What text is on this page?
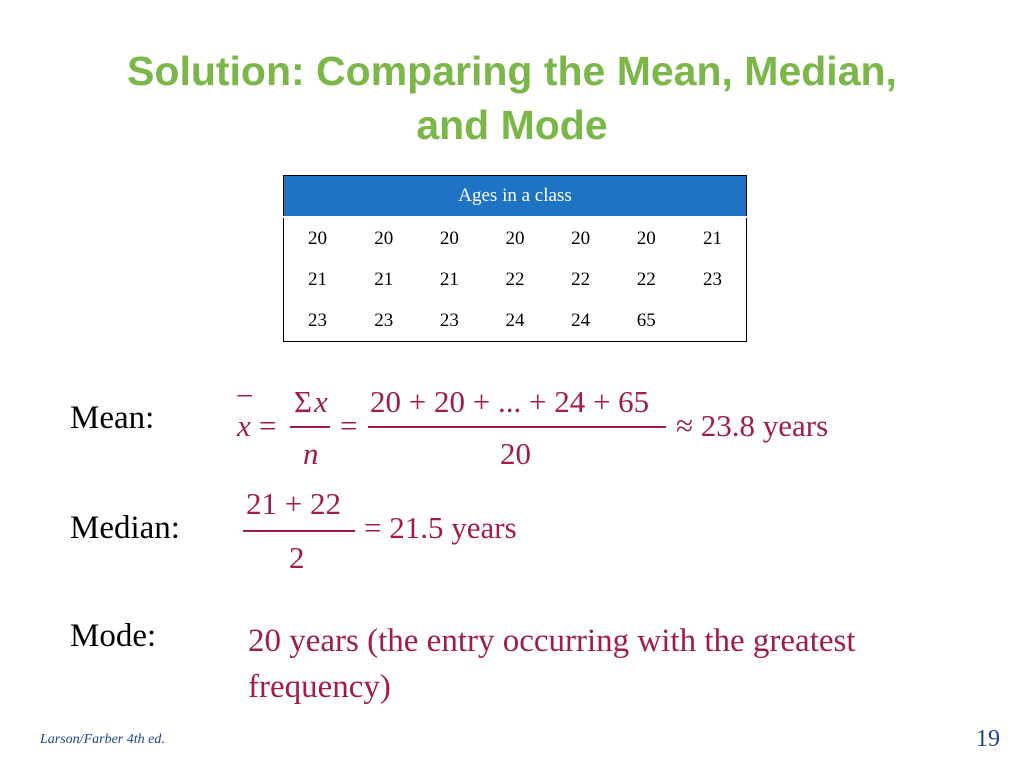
Solution: Comparing the Mean, Median,
and Mode
Ages in a class						
20	20	20	20	20	20	21
21	21	21	22	22	22	23
23	23	23	24	24	65	
Mean:
−
x =
Σ x
n
=
20 + 20 + ... + 24 + 65
20
≈ 23.8 years
Median:
21 + 22
2
= 21.5 years
Mode:	20 years (the entry occurring with the greatest frequency)
Larson/Farber 4th ed.	19
